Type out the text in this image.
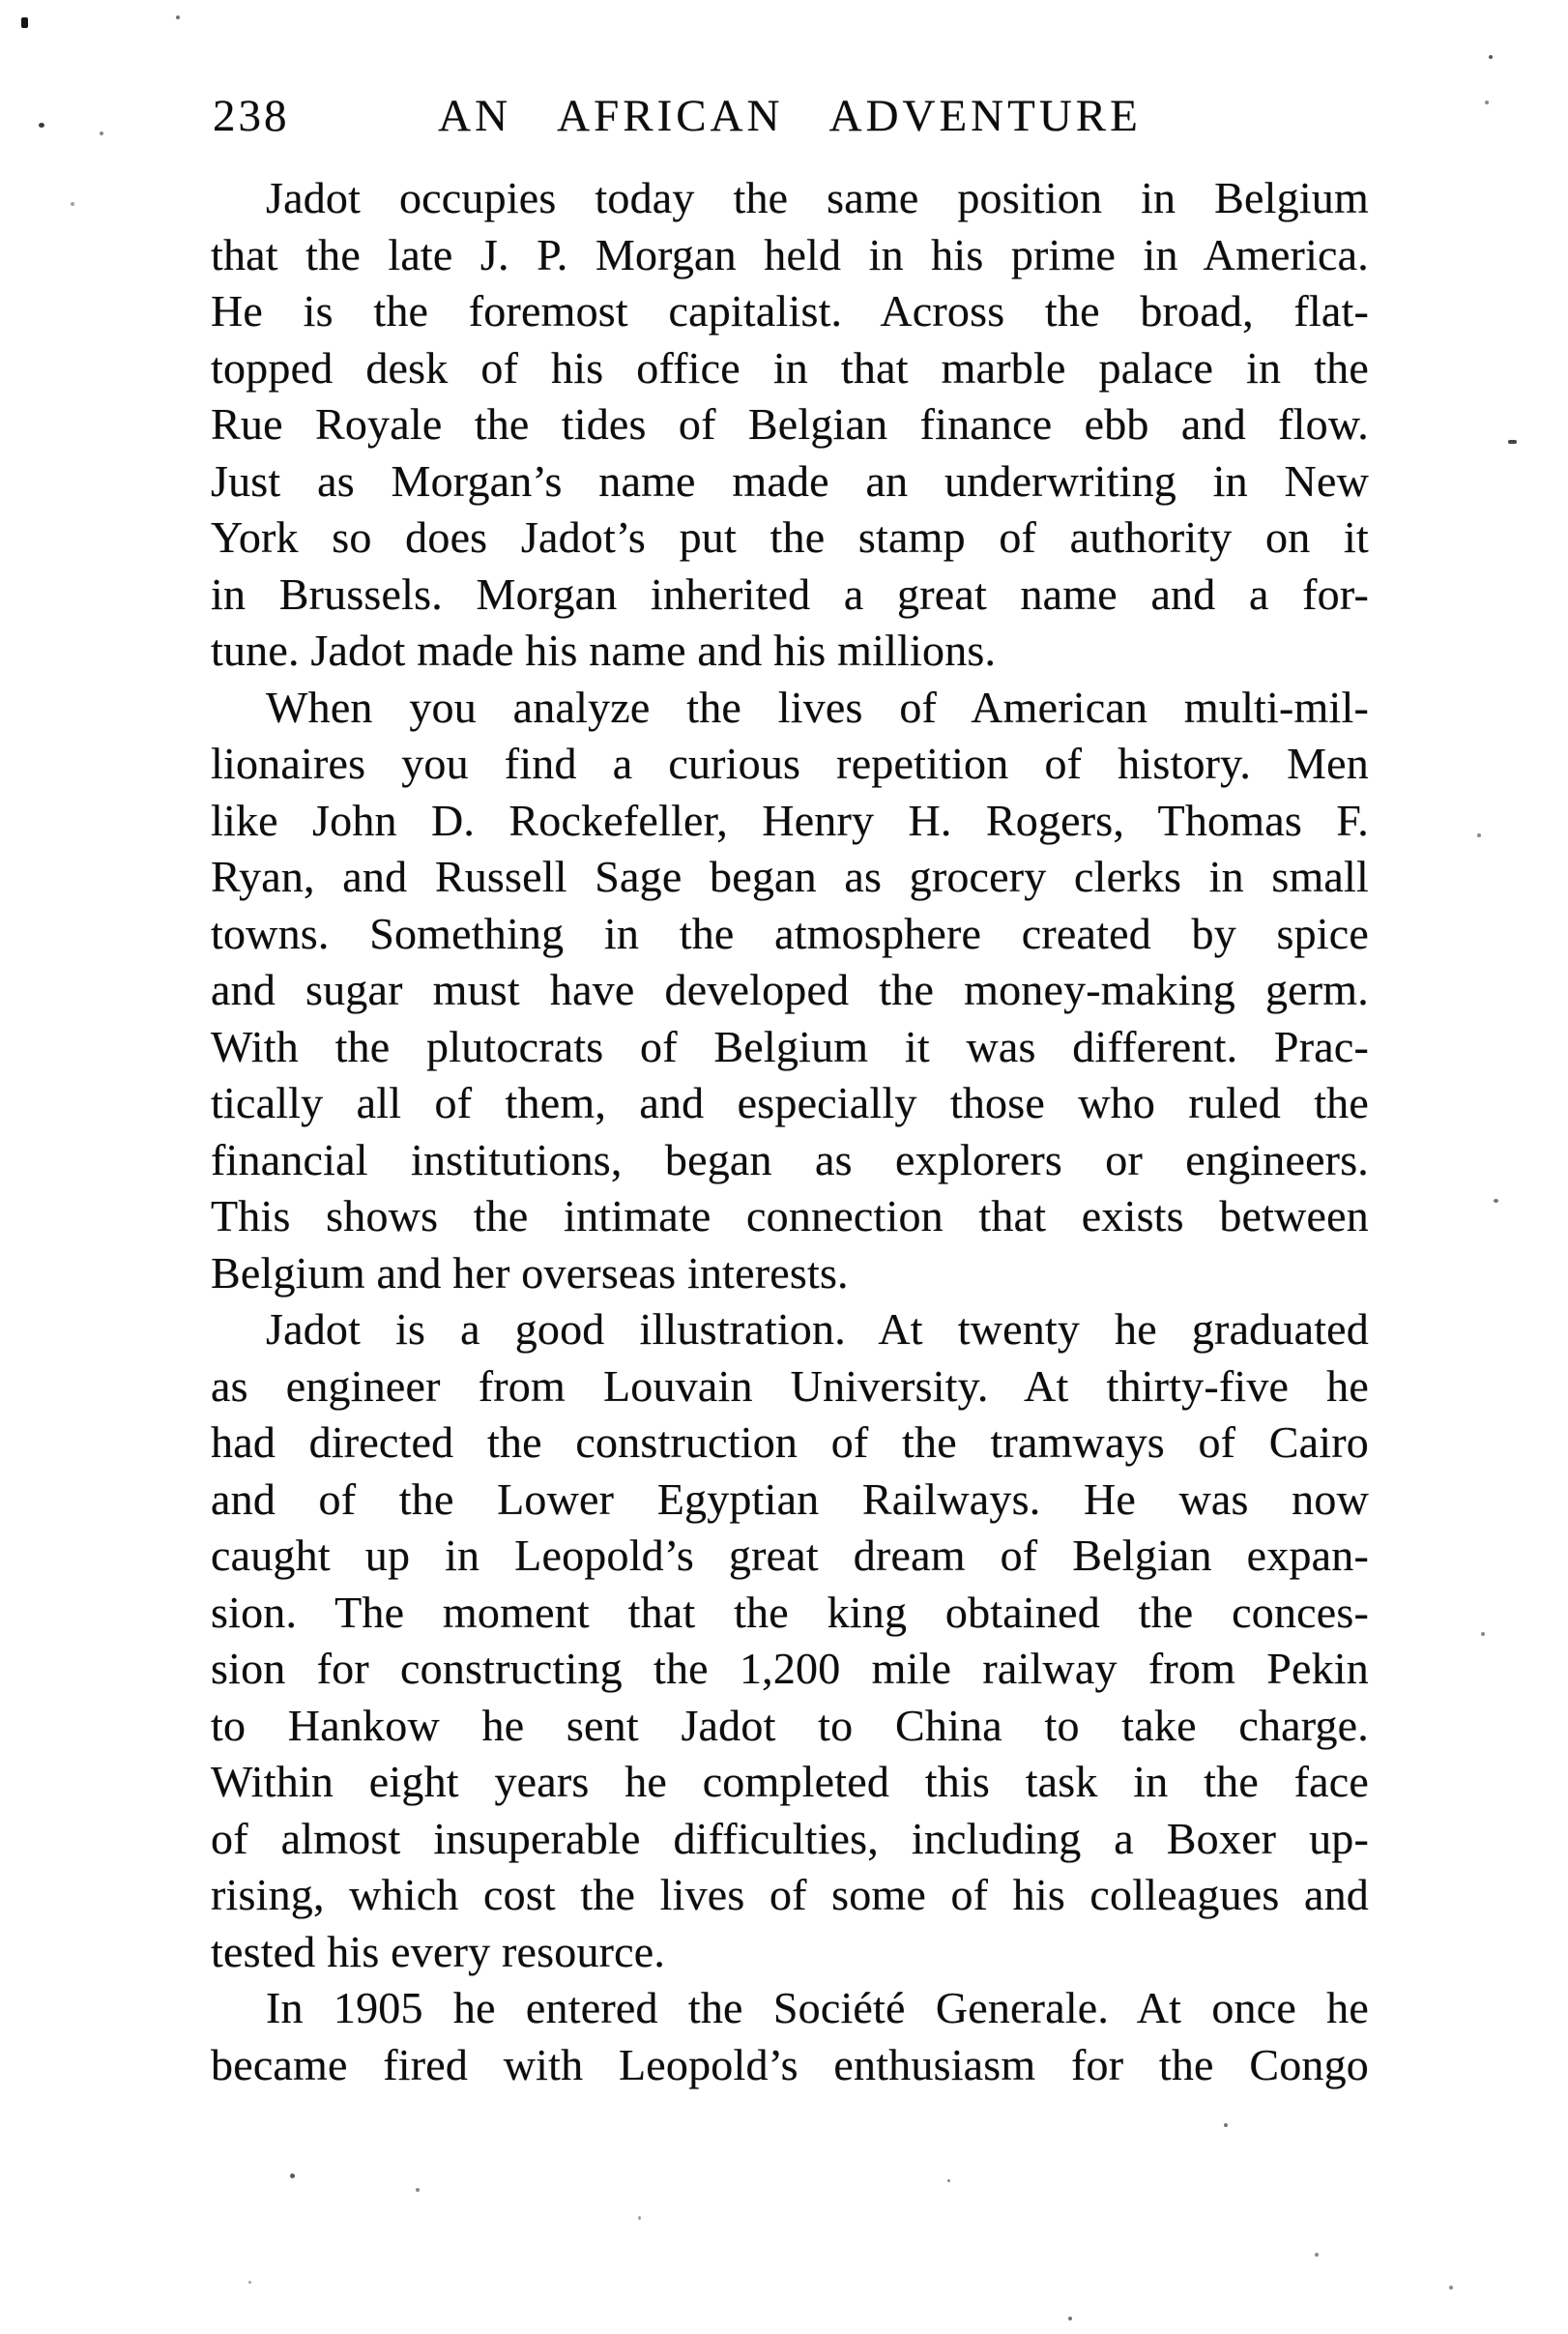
238	AN AFRICAN ADVENTURE
Jadot occupies today the same position in Belgium
that the late J. P. Morgan held in his prime in America.
He is the foremost capitalist. Across the broad, flat-
topped desk of his office in that marble palace in the
Rue Royale the tides of Belgian finance ebb and flow.
Just as Morgan’s name made an underwriting in New
York so does Jadot’s put the stamp of authority on it
in Brussels. Morgan inherited a great name and a for-
tune. Jadot made his name and his millions.
When you analyze the lives of American multi-mil-
lionaires you find a curious repetition of history. Men
like John D. Rockefeller, Henry H. Rogers, Thomas F.
Ryan, and Russell Sage began as grocery clerks in small
towns. Something in the atmosphere created by spice
and sugar must have developed the money-making germ.
With the plutocrats of Belgium it was different. Prac-
tically all of them, and especially those who ruled the
financial institutions, began as explorers or engineers.
This shows the intimate connection that exists between
Belgium and her overseas interests.
Jadot is a good illustration. At twenty he graduated
as engineer from Louvain University. At thirty-five he
had directed the construction of the tramways of Cairo
and of the Lower Egyptian Railways. He was now
caught up in Leopold’s great dream of Belgian expan-
sion. The moment that the king obtained the conces-
sion for constructing the 1,200 mile railway from Pekin
to Hankow he sent Jadot to China to take charge.
Within eight years he completed this task in the face
of almost insuperable difficulties, including a Boxer up-
rising, which cost the lives of some of his colleagues and
tested his every resource.
In 1905 he entered the Société Generale. At once he
became fired with Leopold’s enthusiasm for the Congo
